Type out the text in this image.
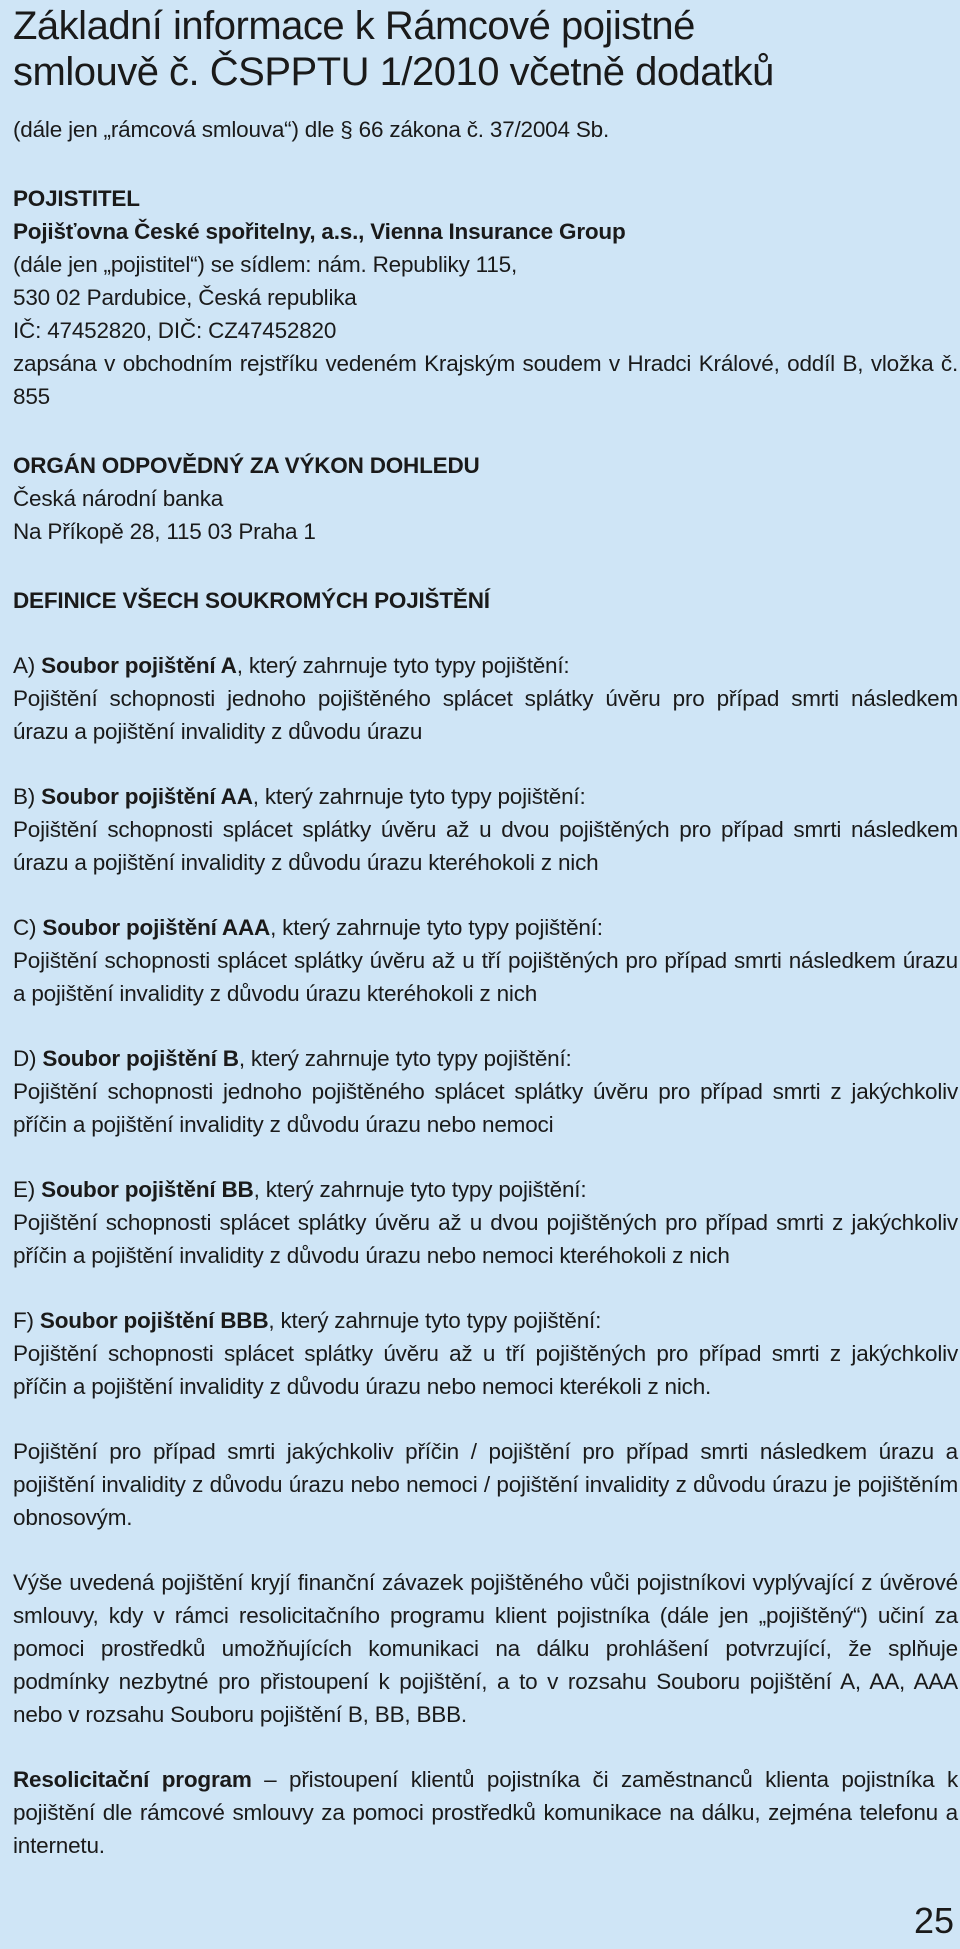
Základní informace k Rámcové pojistné
smlouvě č. ČSPPTU 1/2010 včetně dodatků

(dále jen „rámcová smlouva“) dle § 66 zákona č. 37/2004 Sb.

POJISTITEL

Pojišťovna České spořitelny, a.s., Vienna Insurance Group

(dále jen „pojistitel“) se sídlem: nám. Republiky 115,

530 02 Pardubice, Česká republika

IČ: 47452820, DIČ: CZ47452820

zapsána v obchodním rejstříku vedeném Krajským soudem v Hradci Králové, oddíl B, vložka č. 855

ORGÁN ODPOVĚDNÝ ZA VÝKON DOHLEDU

Česká národní banka

Na Příkopě 28, 115 03 Praha 1

DEFINICE VŠECH SOUKROMÝCH POJIŠTĚNÍ

A) Soubor pojištění A, který zahrnuje tyto typy pojištění:

Pojištění schopnosti jednoho pojištěného splácet splátky úvěru pro případ smrti následkem úrazu a pojištění invalidity z důvodu úrazu

B) Soubor pojištění AA, který zahrnuje tyto typy pojištění:

Pojištění schopnosti splácet splátky úvěru až u dvou pojištěných pro případ smrti následkem úrazu a pojištění invalidity z důvodu úrazu kteréhokoli z nich

C) Soubor pojištění AAA, který zahrnuje tyto typy pojištění:

Pojištění schopnosti splácet splátky úvěru až u tří pojištěných pro případ smrti následkem úrazu a pojištění invalidity z důvodu úrazu kteréhokoli z nich

D) Soubor pojištění B, který zahrnuje tyto typy pojištění:

Pojištění schopnosti jednoho pojištěného splácet splátky úvěru pro případ smrti z jakýchkoliv příčin a pojištění invalidity z důvodu úrazu nebo nemoci

E) Soubor pojištění BB, který zahrnuje tyto typy pojištění:

Pojištění schopnosti splácet splátky úvěru až u dvou pojištěných pro případ smrti z jakýchkoliv příčin a pojištění invalidity z důvodu úrazu nebo nemoci kteréhokoli z nich

F) Soubor pojištění BBB, který zahrnuje tyto typy pojištění:

Pojištění schopnosti splácet splátky úvěru až u tří pojištěných pro případ smrti z jakýchkoliv příčin a pojištění invalidity z důvodu úrazu nebo nemoci kterékoli z nich.

Pojištění pro případ smrti jakýchkoliv příčin / pojištění pro případ smrti následkem úrazu a pojištění invalidity z důvodu úrazu nebo nemoci / pojištění invalidity z důvodu úrazu je pojištěním obnosovým.

Výše uvedená pojištění kryjí finanční závazek pojištěného vůči pojistníkovi vyplývající z úvěrové smlouvy, kdy v rámci resolicitačního programu klient pojistníka (dále jen „pojištěný“) učiní za pomoci prostředků umožňujících komunikaci na dálku prohlášení potvrzující, že splňuje podmínky nezbytné pro přistoupení k pojištění, a to v rozsahu Souboru pojištění A, AA, AAA nebo v rozsahu Souboru pojištění B, BB, BBB.

Resolicitační program – přistoupení klientů pojistníka či zaměstnanců klienta pojistníka k pojištění dle rámcové smlouvy za pomoci prostředků komunikace na dálku, zejména telefonu a internetu.

25
